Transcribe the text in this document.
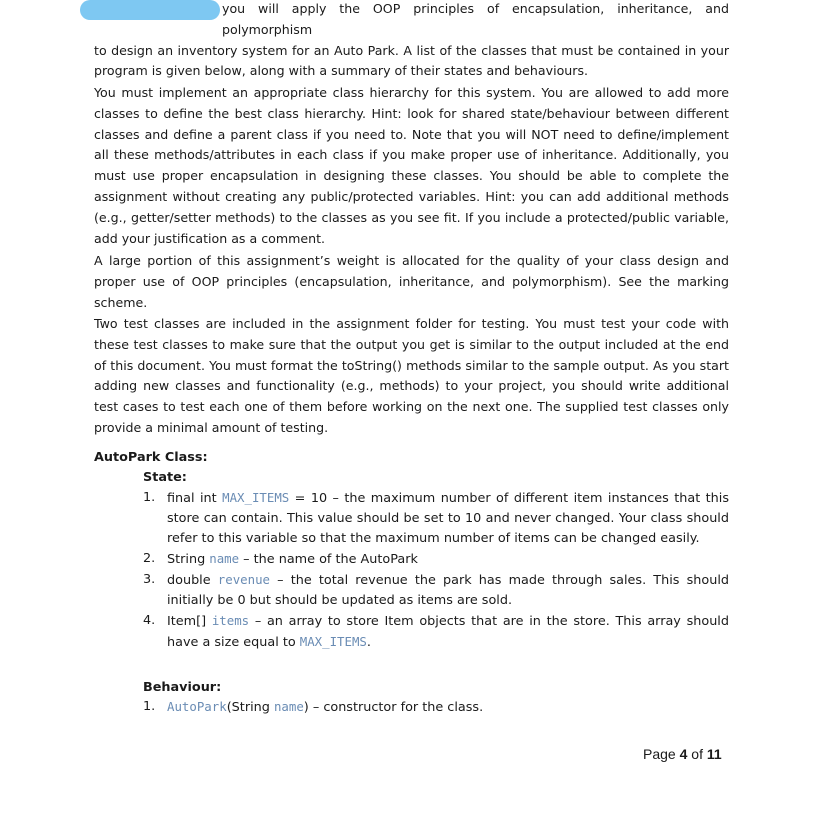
you will apply the OOP principles of encapsulation, inheritance, and polymorphism
to design an inventory system for an Auto Park. A list of the classes that must be contained in your program is given below, along with a summary of their states and behaviours.

You must implement an appropriate class hierarchy for this system. You are allowed to add more classes to define the best class hierarchy. Hint: look for shared state/behaviour between different classes and define a parent class if you need to. Note that you will NOT need to define/implement all these methods/attributes in each class if you make proper use of inheritance. Additionally, you must use proper encapsulation in designing these classes. You should be able to complete the assignment without creating any public/protected variables. Hint: you can add additional methods (e.g., getter/setter methods) to the classes as you see fit. If you include a protected/public variable, add your justification as a comment.

A large portion of this assignment’s weight is allocated for the quality of your class design and proper use of OOP principles (encapsulation, inheritance, and polymorphism). See the marking scheme.

Two test classes are included in the assignment folder for testing. You must test your code with these test classes to make sure that the output you get is similar to the output included at the end of this document. You must format the toString() methods similar to the sample output. As you start adding new classes and functionality (e.g., methods) to your project, you should write additional test cases to test each one of them before working on the next one. The supplied test classes only provide a minimal amount of testing.

AutoPark Class:
State:
1. final int MAX_ITEMS = 10 – the maximum number of different item instances that this store can contain. This value should be set to 10 and never changed. Your class should refer to this variable so that the maximum number of items can be changed easily.
2. String name – the name of the AutoPark
3. double revenue – the total revenue the park has made through sales. This should initially be 0 but should be updated as items are sold.
4. Item[] items – an array to store Item objects that are in the store. This array should have a size equal to MAX_ITEMS.
Behaviour:
1. AutoPark(String name) – constructor for the class.
Page 4 of 11
